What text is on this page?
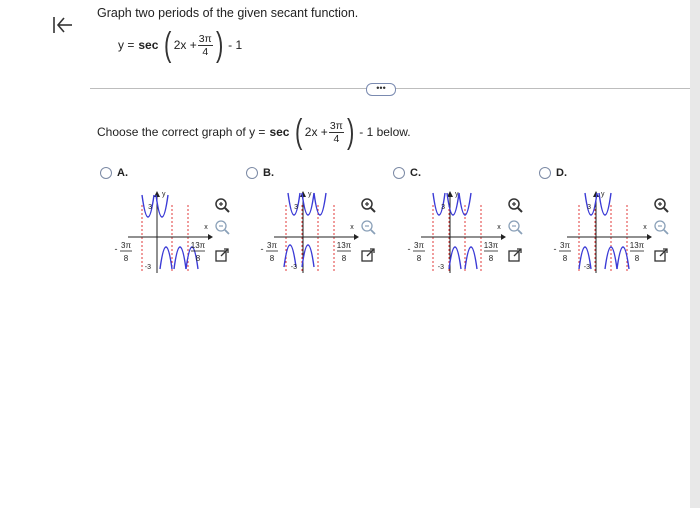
Graph two periods of the given secant function.
y = sec ( $2x + \frac{3\pi}{4}$ ) - 1
•••
Choose the correct graph of y = sec ( $2x + \frac{3\pi}{4}$ ) - 1 below.
A.
y
x
3
-3
3π
8
-	13π
8
B.
y
x
3
-3
3π
8
-	13π
8
C.
y
x
3
-3
3π
8
-	13π
8
D.
y
x
3
-3
3π
8
-	13π
8
